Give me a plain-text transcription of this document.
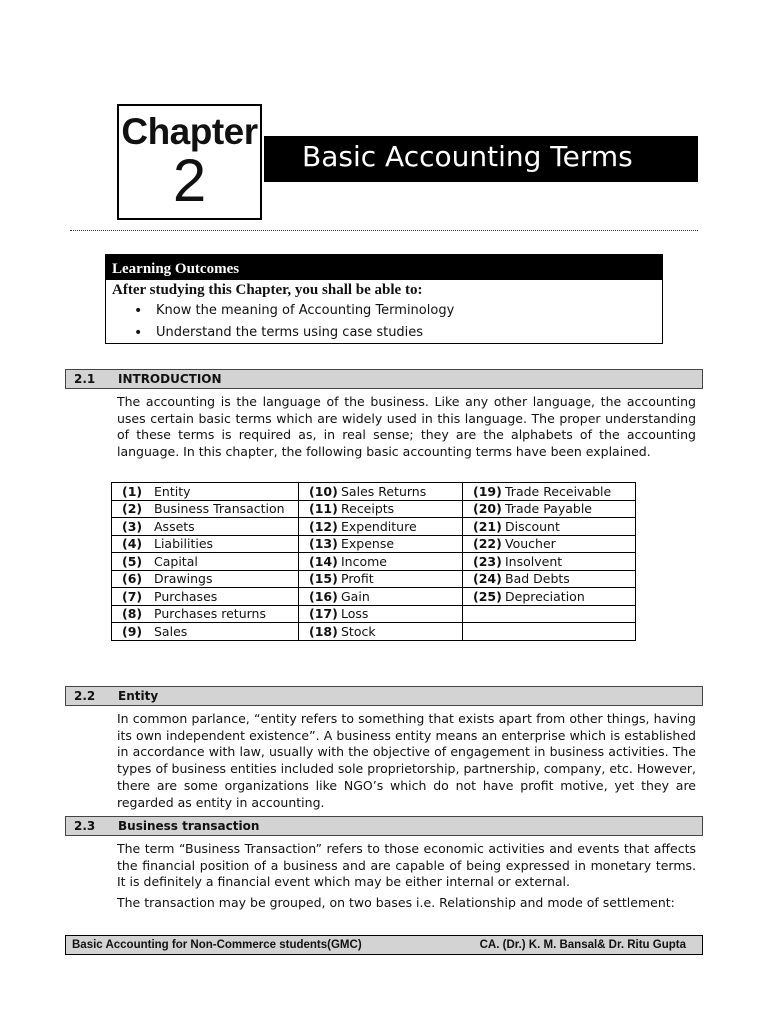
Chapter
2	Basic Accounting Terms
Learning Outcomes
After studying this Chapter, you shall be able to:
• Know the meaning of Accounting Terminology
• Understand the terms using case studies
2.1 INTRODUCTION

The accounting is the language of the business. Like any other language, the accounting uses certain basic terms which are widely used in this language. The proper understanding of these terms is required as, in real sense; they are the alphabets of the accounting language. In this chapter, the following basic accounting terms have been explained.

(1) Entity	(10) Sales Returns	(19) Trade Receivable

(2) Business Transaction	(11) Receipts	(20) Trade Payable

(3) Assets	(12) Expenditure	(21) Discount

(4) Liabilities	(13) Expense	(22) Voucher

(5) Capital	(14) Income	(23) Insolvent

(6) Drawings	(15) Profit	(24) Bad Debts

(7) Purchases	(16) Gain	(25) Depreciation

(8) Purchases returns	(17) Loss	

(9) Sales	(18) Stock	

2.2 Entity

In common parlance, “entity refers to something that exists apart from other things, having its own independent existence”. A business entity means an enterprise which is established in accordance with law, usually with the objective of engagement in business activities. The types of business entities included sole proprietorship, partnership, company, etc. However, there are some organizations like NGO’s which do not have profit motive, yet they are regarded as entity in accounting.

2.3 Business transaction

The term “Business Transaction” refers to those economic activities and events that affects the financial position of a business and are capable of being expressed in monetary terms. It is definitely a financial event which may be either internal or external.

The transaction may be grouped, on two bases i.e. Relationship and mode of settlement:

Basic Accounting for Non-Commerce students(GMC)	CA. (Dr.) K. M. Bansal& Dr. Ritu Gupta
